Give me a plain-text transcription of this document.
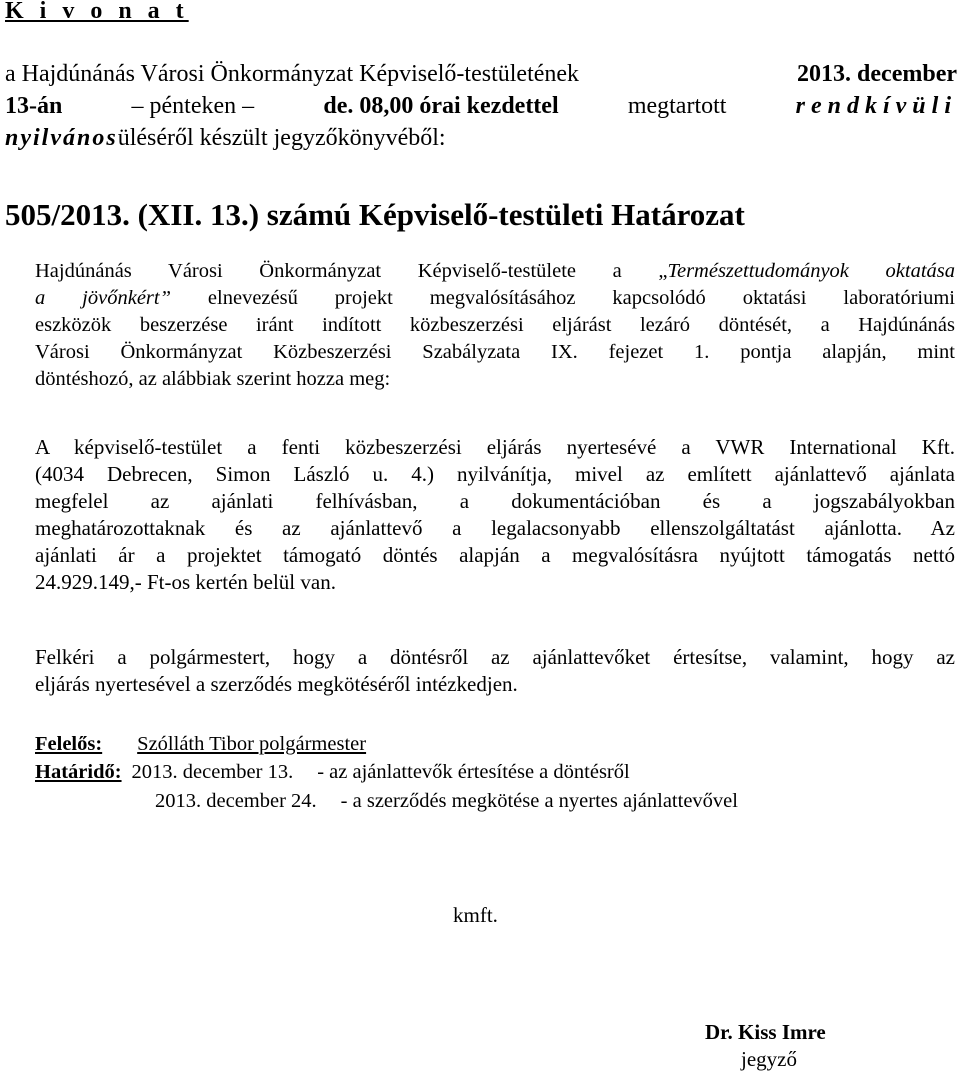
K i v o n a t
a Hajdúnánás Városi Önkormányzat Képviselő-testületének	2013. december
13-án	– pénteken –	de. 08,00 órai kezdettel	megtartott	rendkívüli
nyilvános üléséről készült jegyzőkönyvéből:
505/2013. (XII. 13.) számú Képviselő-testületi Határozat
Hajdúnánás Városi Önkormányzat Képviselő-testülete a „Természettudományok oktatása
a jövőnkért” elnevezésű projekt megvalósításához kapcsolódó oktatási laboratóriumi
eszközök beszerzése iránt indított közbeszerzési eljárást lezáró döntését, a Hajdúnánás
Városi Önkormányzat Közbeszerzési Szabályzata IX. fejezet 1. pontja alapján, mint
döntéshozó, az alábbiak szerint hozza meg:
A képviselő-testület a fenti közbeszerzési eljárás nyertesévé a VWR International Kft.
(4034 Debrecen, Simon László u. 4.) nyilvánítja, mivel az említett ajánlattevő ajánlata
megfelel az ajánlati felhívásban, a dokumentációban és a jogszabályokban
meghatározottaknak és az ajánlattevő a legalacsonyabb ellenszolgáltatást ajánlotta. Az
ajánlati ár a projektet támogató döntés alapján a megvalósításra nyújtott támogatás nettó
24.929.149,- Ft-os kertén belül van.
Felkéri a polgármestert, hogy a döntésről az ajánlattevőket értesítse, valamint, hogy az
eljárás nyertesével a szerződés megkötéséről intézkedjen.
Felelős: Szólláth Tibor polgármester
Határidő: 2013. december 13. - az ajánlattevők értesítése a döntésről
2013. december 24. - a szerződés megkötése a nyertes ajánlattevővel
kmft.
Dr. Kiss Imre
jegyző
